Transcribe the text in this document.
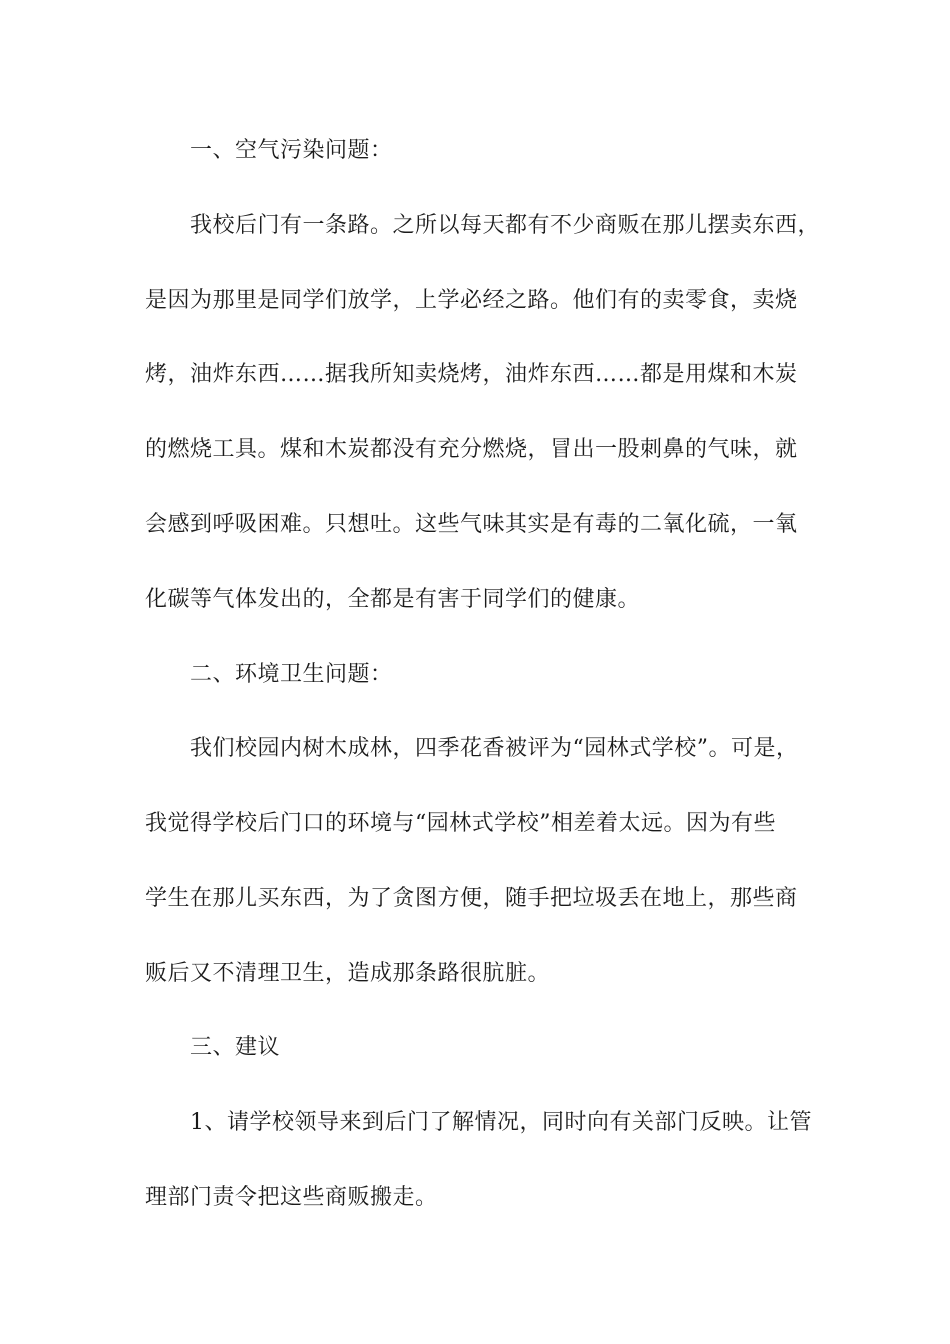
一、空气污染问题：
我校后门有一条路。之所以每天都有不少商贩在那儿摆卖东西，
是因为那里是同学们放学，上学必经之路。他们有的卖零食，卖烧
烤，油炸东西……据我所知卖烧烤，油炸东西……都是用煤和木炭
的燃烧工具。煤和木炭都没有充分燃烧，冒出一股刺鼻的气味，就
会感到呼吸困难。只想吐。这些气味其实是有毒的二氧化硫，一氧
化碳等气体发出的，全都是有害于同学们的健康。
二、环境卫生问题：
我们校园内树木成林，四季花香被评为“园林式学校”。可是，
我觉得学校后门口的环境与“园林式学校”相差着太远。因为有些
学生在那儿买东西，为了贪图方便，随手把垃圾丢在地上，那些商
贩后又不清理卫生，造成那条路很肮脏。
三、建议
1、请学校领导来到后门了解情况，同时向有关部门反映。让管
理部门责令把这些商贩搬走。
